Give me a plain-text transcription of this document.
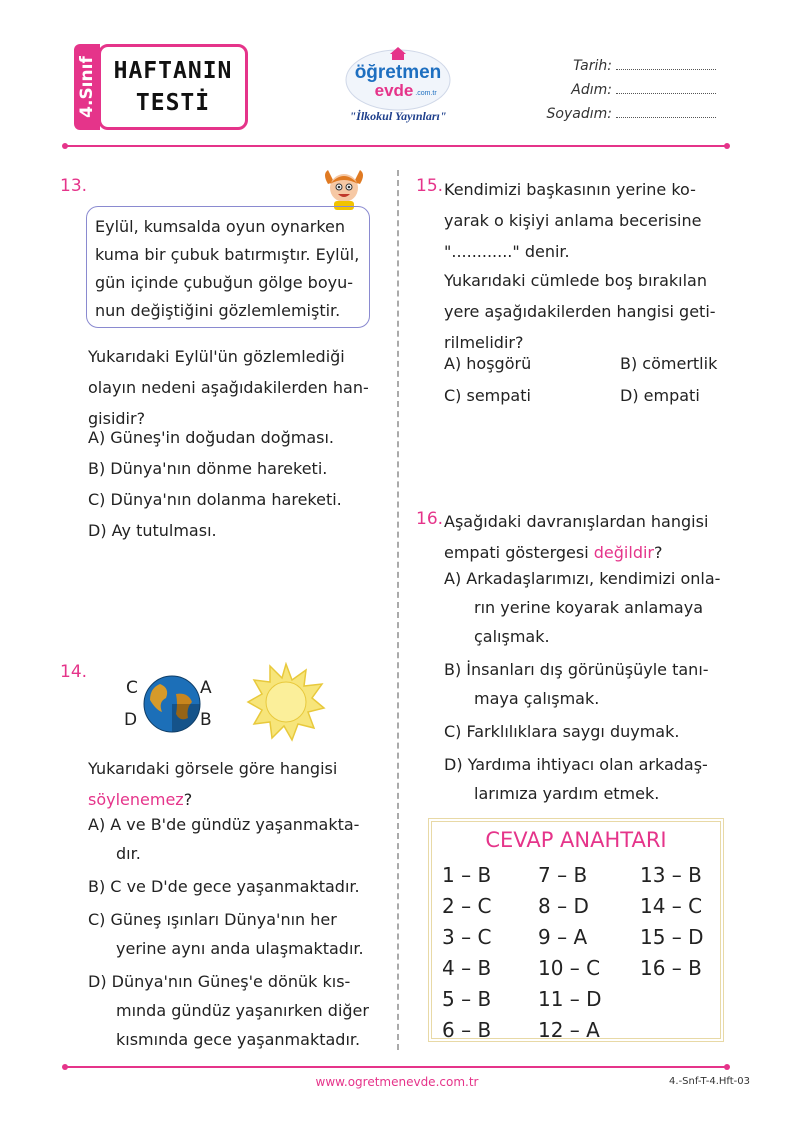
4.Sınıf HAFTANIN
TESTİ
öğretmen
evde .com.tr
"İlkokul Yayınları"
Tarih:
Adım:
Soyadım:
13.
Eylül, kumsalda oyun oynarken
kuma bir çubuk batırmıştır. Eylül,
gün içinde çubuğun gölge boyu-
nun değiştiğini gözlemlemiştir.
Yukarıdaki Eylül'ün gözlemlediği
olayın nedeni aşağıdakilerden han-
gisidir?
A) Güneş'in doğudan doğması.
B) Dünya'nın dönme hareketi.
C) Dünya'nın dolanma hareketi.
D) Ay tutulması.
14.
C	A
D	B
Yukarıdaki görsele göre hangisi
söylenemez?
A) A ve B'de gündüz yaşanmakta-
dır.
B) C ve D'de gece yaşanmaktadır.
C) Güneş ışınları Dünya'nın her
yerine aynı anda ulaşmaktadır.
D) Dünya'nın Güneş'e dönük kıs-
mında gündüz yaşanırken diğer
kısmında gece yaşanmaktadır.
15. Kendimizi başkasının yerine ko-
yarak o kişiyi anlama becerisine
"............" denir.
Yukarıdaki cümlede boş bırakılan
yere aşağıdakilerden hangisi geti-
rilmelidir?
A) hoşgörü	B) cömertlik
C) sempati	D) empati
16. Aşağıdaki davranışlardan hangisi
empati göstergesi değildir?
A) Arkadaşlarımızı, kendimizi onla-
rın yerine koyarak anlamaya
çalışmak.
B) İnsanları dış görünüşüyle tanı-
maya çalışmak.
C) Farklılıklara saygı duymak.
D) Yardıma ihtiyacı olan arkadaş-
larımıza yardım etmek.
CEVAP ANAHTARI
1 – B
2 – C
3 – C
4 – B
5 – B
6 – B
7 – B
8 – D
9 – A
10 – C
11 – D
12 – A
13 – B
14 – C
15 – D
16 – B
www.ogretmenevde.com.tr	4.-Snf-T-4.Hft-03
